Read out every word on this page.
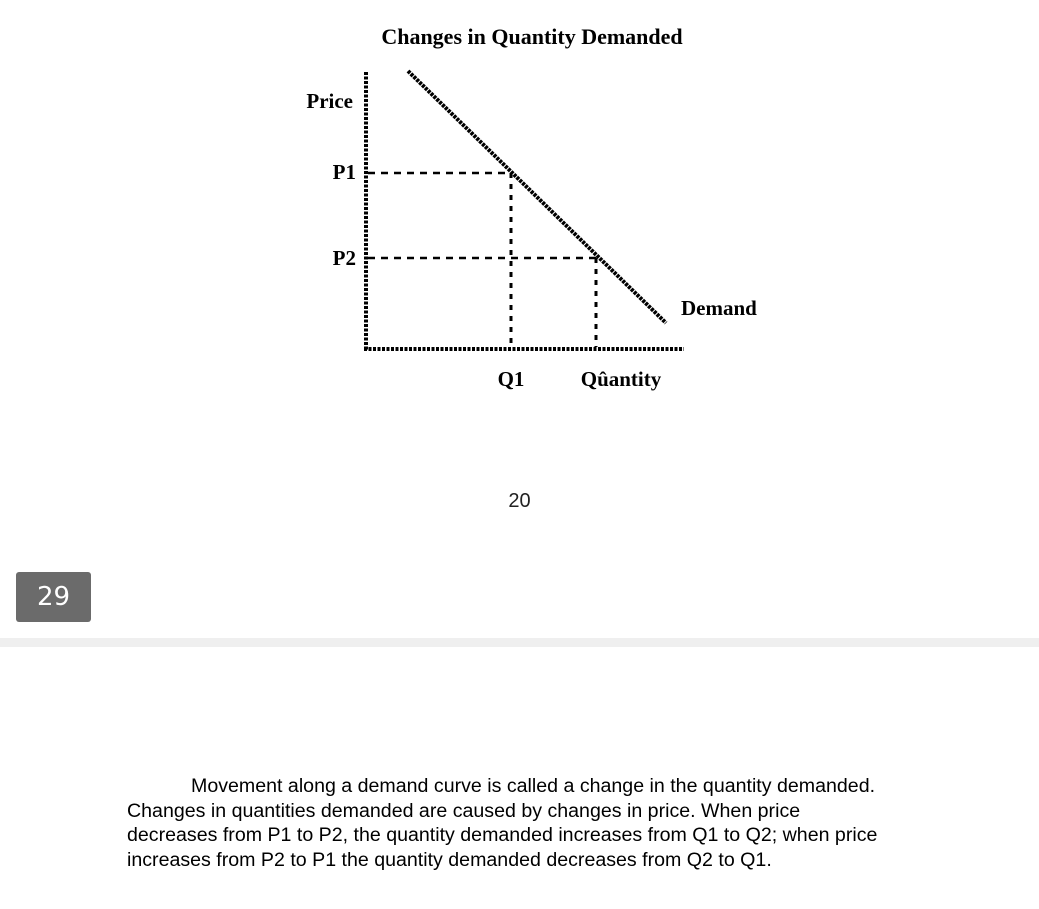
Changes in Quantity Demanded
Price
P1
P2
Q1	Qûantity
Demand
20
29

Movement along a demand curve is called a change in the quantity demanded.
Changes in quantities demanded are caused by changes in price. When price
decreases from P1 to P2, the quantity demanded increases from Q1 to Q2; when price
increases from P2 to P1 the quantity demanded decreases from Q2 to Q1.
